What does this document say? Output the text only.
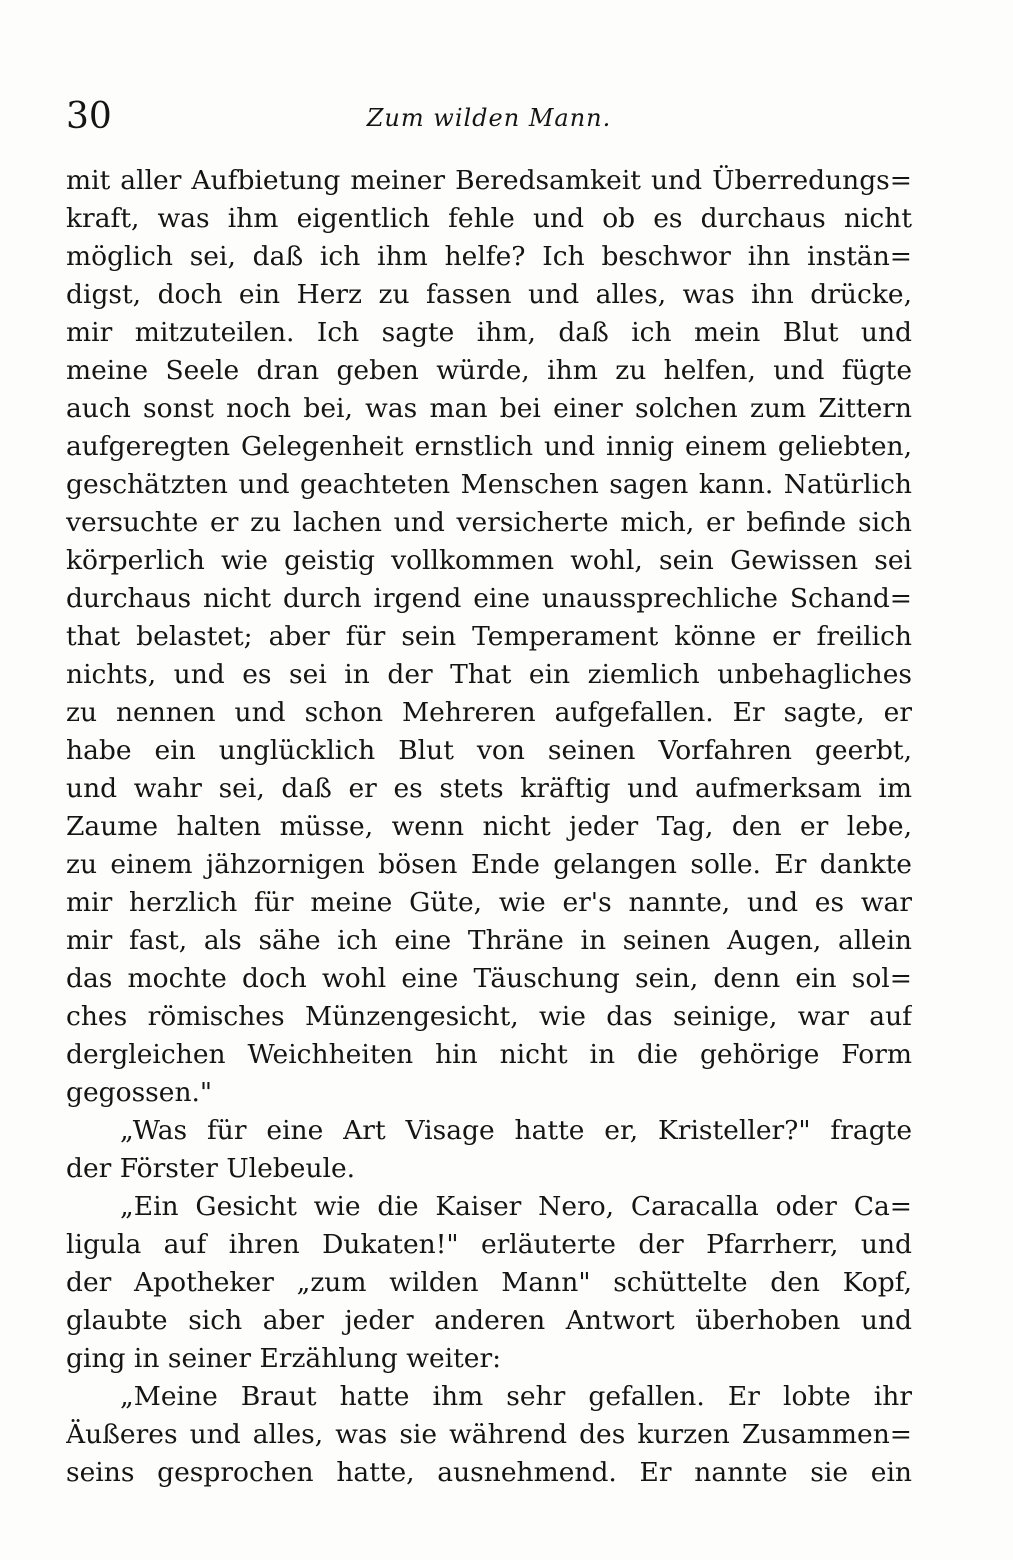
30	Zum wilden Mann.
mit aller Aufbietung meiner Beredsamkeit und Überredungs=
kraft, was ihm eigentlich fehle und ob es durchaus nicht
möglich sei, daß ich ihm helfe? Ich beschwor ihn instän=
digst, doch ein Herz zu fassen und alles, was ihn drücke,
mir mitzuteilen. Ich sagte ihm, daß ich mein Blut und
meine Seele dran geben würde, ihm zu helfen, und fügte
auch sonst noch bei, was man bei einer solchen zum Zittern
aufgeregten Gelegenheit ernstlich und innig einem geliebten,
geschätzten und geachteten Menschen sagen kann. Natürlich
versuchte er zu lachen und versicherte mich, er befinde sich
körperlich wie geistig vollkommen wohl, sein Gewissen sei
durchaus nicht durch irgend eine unaussprechliche Schand=
that belastet; aber für sein Temperament könne er freilich
nichts, und es sei in der That ein ziemlich unbehagliches
zu nennen und schon Mehreren aufgefallen. Er sagte, er
habe ein unglücklich Blut von seinen Vorfahren geerbt,
und wahr sei, daß er es stets kräftig und aufmerksam im
Zaume halten müsse, wenn nicht jeder Tag, den er lebe,
zu einem jähzornigen bösen Ende gelangen solle. Er dankte
mir herzlich für meine Güte, wie er's nannte, und es war
mir fast, als sähe ich eine Thräne in seinen Augen, allein
das mochte doch wohl eine Täuschung sein, denn ein sol=
ches römisches Münzengesicht, wie das seinige, war auf
dergleichen Weichheiten hin nicht in die gehörige Form
gegossen."
„Was für eine Art Visage hatte er, Kristeller?" fragte
der Förster Ulebeule.
„Ein Gesicht wie die Kaiser Nero, Caracalla oder Ca=
ligula auf ihren Dukaten!" erläuterte der Pfarrherr, und
der Apotheker „zum wilden Mann" schüttelte den Kopf,
glaubte sich aber jeder anderen Antwort überhoben und
ging in seiner Erzählung weiter:
„Meine Braut hatte ihm sehr gefallen. Er lobte ihr
Äußeres und alles, was sie während des kurzen Zusammen=
seins gesprochen hatte, ausnehmend. Er nannte sie ein
